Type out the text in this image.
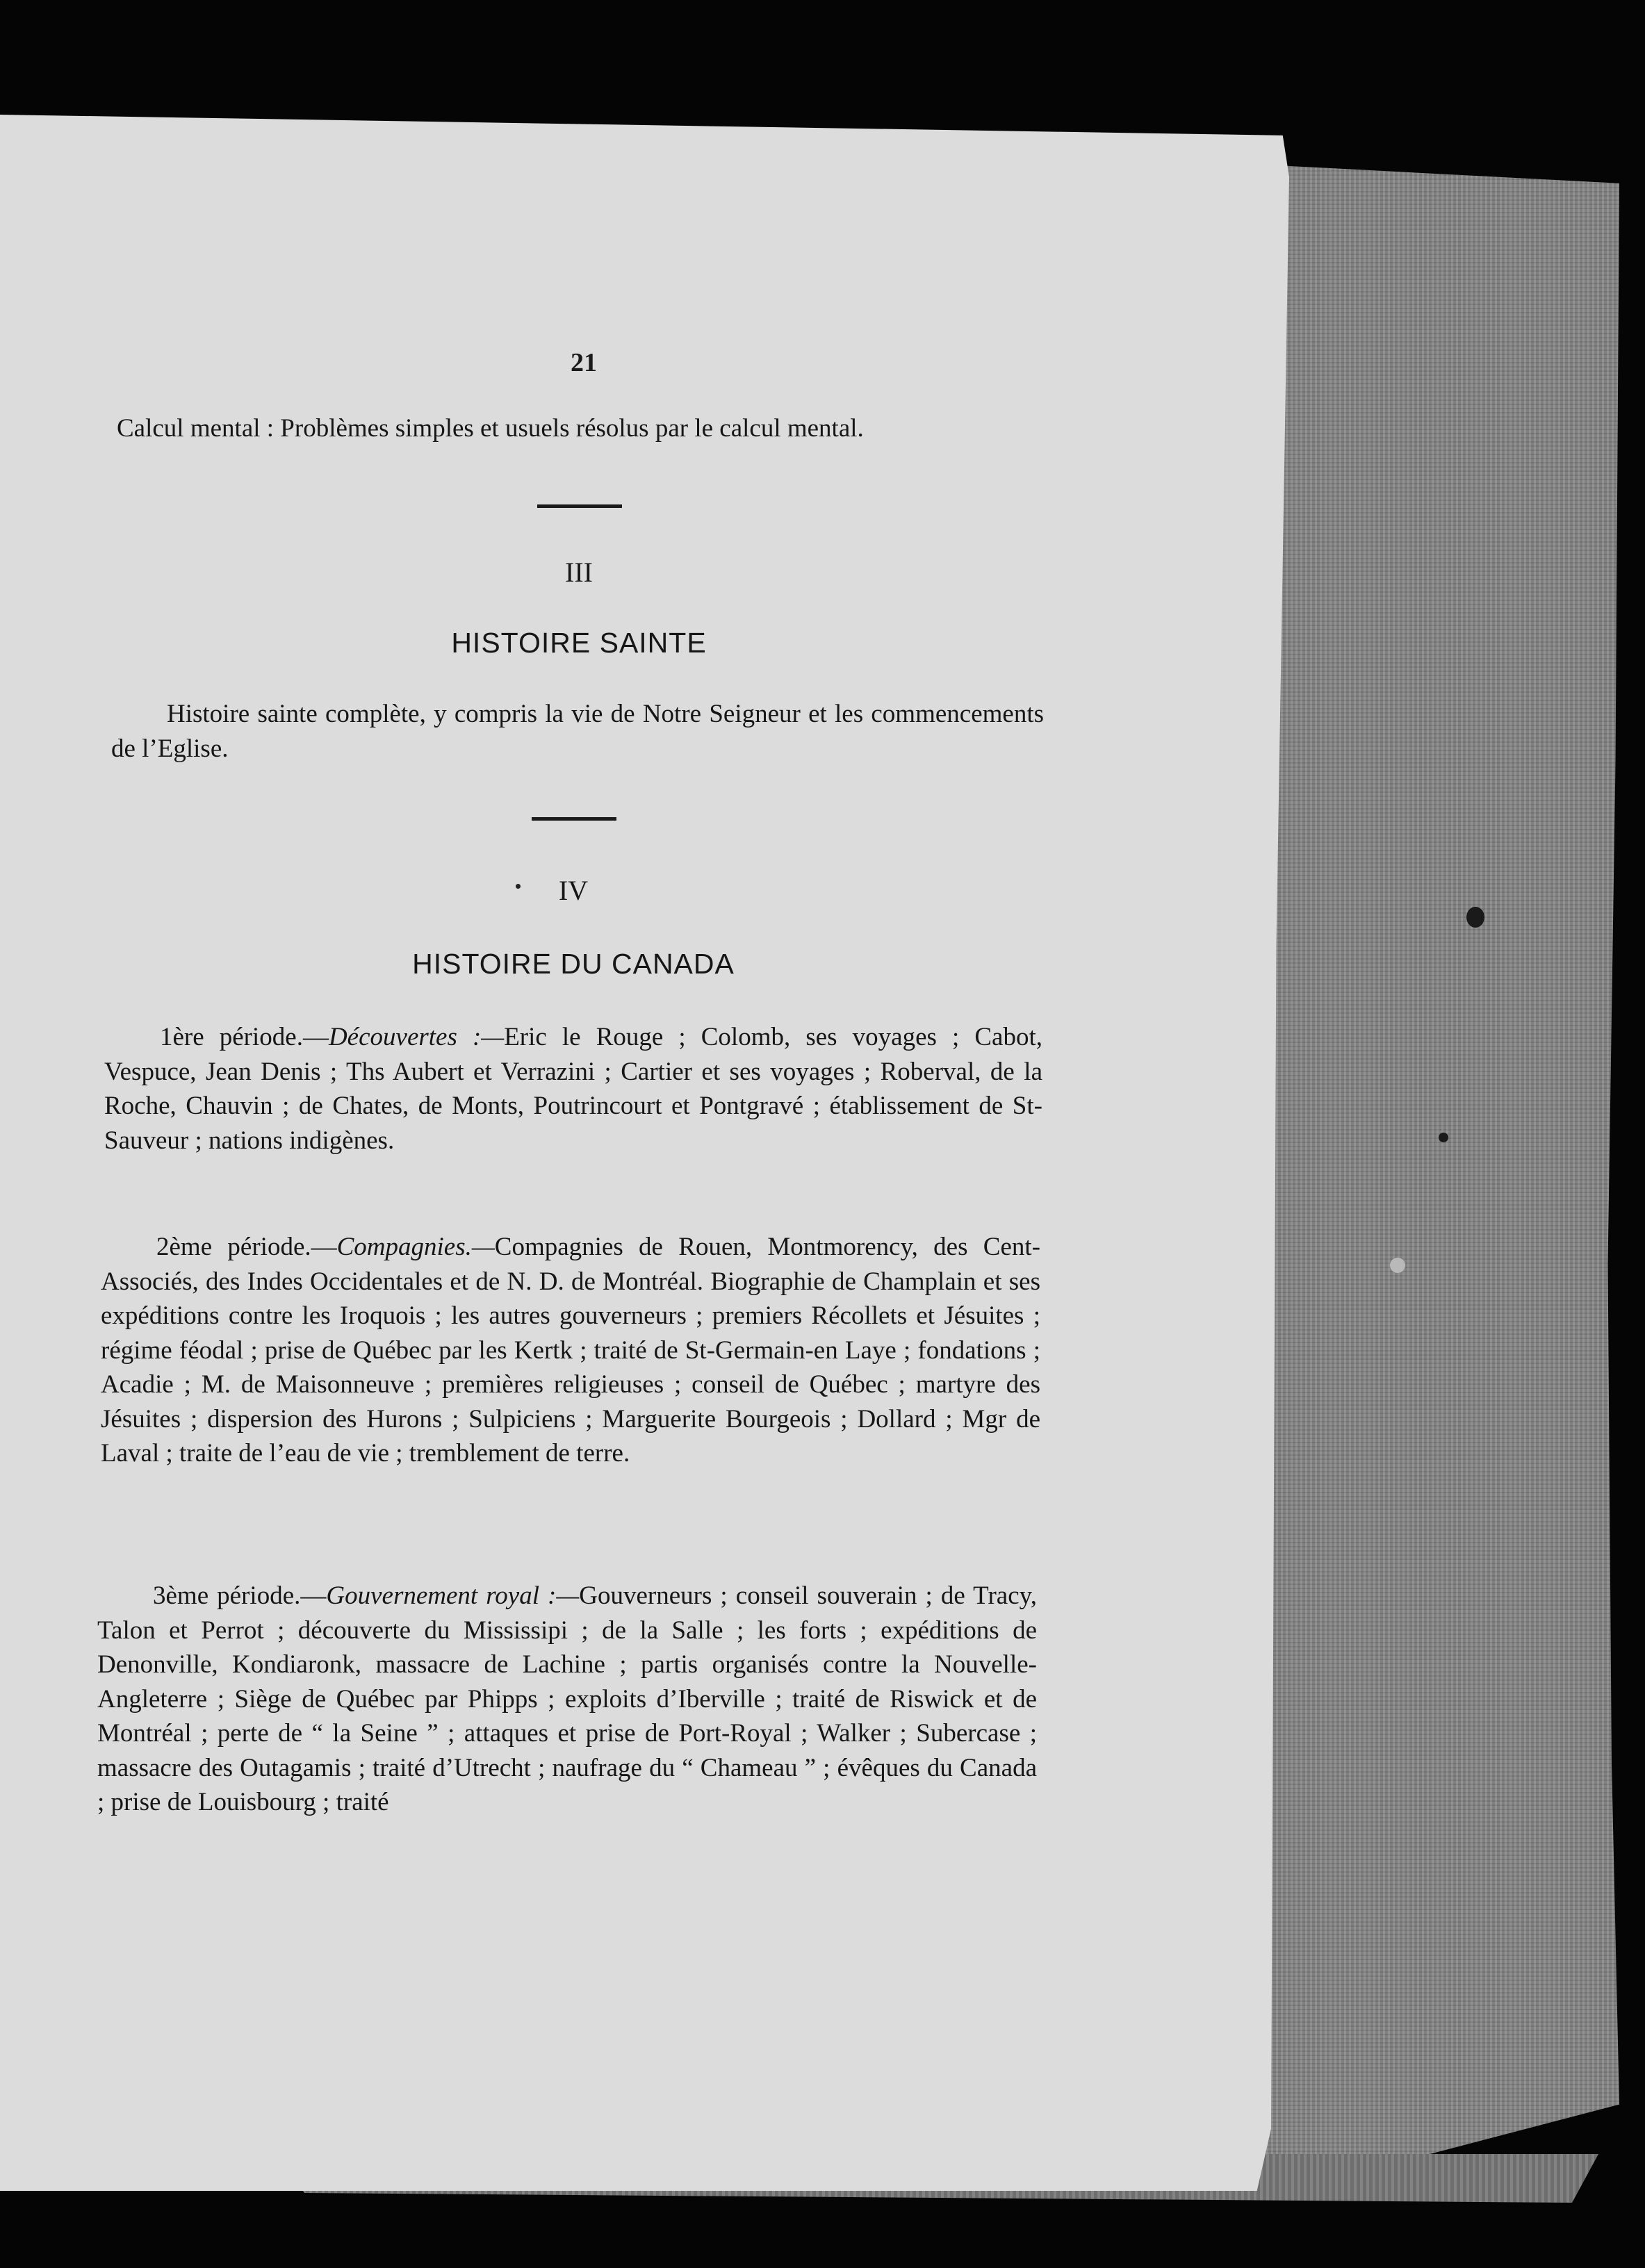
21

Calcul mental : Problèmes simples et usuels résolus par le calcul mental.

III
HISTOIRE SAINTE

Histoire sainte complète, y compris la vie de Notre Seigneur et les commencements de l’Eglise.

IV
HISTOIRE DU CANADA

1ère période.—Découvertes :—Eric le Rouge ; Colomb, ses voyages ; Cabot, Vespuce, Jean Denis ; Ths Aubert et Verrazini ; Cartier et ses voyages ; Roberval, de la Roche, Chauvin ; de Chates, de Monts, Poutrincourt et Pontgravé ; établissement de St-Sauveur ; nations indigènes.

2ème période.—Compagnies.—Compagnies de Rouen, Montmorency, des Cent-Associés, des Indes Occidentales et de N. D. de Montréal. Biographie de Champlain et ses expéditions contre les Iroquois ; les autres gouverneurs ; premiers Récollets et Jésuites ; régime féodal ; prise de Québec par les Kertk ; traité de St-Germain-en Laye ; fondations ; Acadie ; M. de Maisonneuve ; premières religieuses ; conseil de Québec ; martyre des Jésuites ; dispersion des Hurons ; Sulpiciens ; Marguerite Bourgeois ; Dollard ; Mgr de Laval ; traite de l’eau de vie ; tremblement de terre.

3ème période.—Gouvernement royal :—Gouverneurs ; conseil souverain ; de Tracy, Talon et Perrot ; découverte du Mississipi ; de la Salle ; les forts ; expéditions de Denonville, Kondiaronk, massacre de Lachine ; partis organisés contre la Nouvelle-Angleterre ; Siège de Québec par Phipps ; exploits d’Iberville ; traité de Riswick et de Montréal ; perte de “ la Seine ” ; attaques et prise de Port-Royal ; Walker ; Subercase ; massacre des Outagamis ; traité d’Utrecht ; naufrage du “ Chameau ” ; évêques du Canada ; prise de Louisbourg ; traité
